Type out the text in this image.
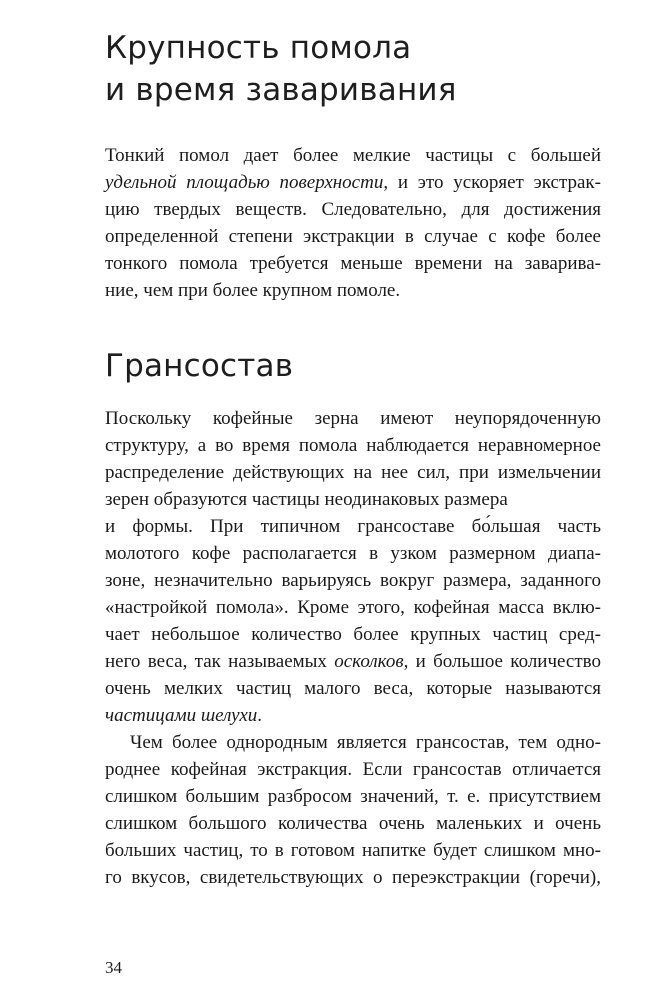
Крупность помола
и время заваривания

Тонкий помол дает более мелкие частицы с большей

удельной площадью поверхности, и это ускоряет экстрак-

цию твердых веществ. Следовательно, для достижения

определенной степени экстракции в случае с кофе более

тонкого помола требуется меньше времени на заварива-

ние, чем при более крупном помоле.

Грансостав

Поскольку кофейные зерна имеют неупорядоченную

структуру, а во время помола наблюдается неравномерное

распределение действующих на нее сил, при измельчении

зерен образуются частицы неодинаковых размера

и формы. При типичном грансоставе бо́льшая часть

молотого кофе располагается в узком размерном диапа-

зоне, незначительно варьируясь вокруг размера, заданного

«настройкой помола». Кроме этого, кофейная масса вклю-

чает небольшое количество более крупных частиц сред-

него веса, так называемых осколков, и большое количество

очень мелких частиц малого веса, которые называются

частицами шелухи.

Чем более однородным является грансостав, тем одно-

роднее кофейная экстракция. Если грансостав отличается

слишком большим разбросом значений, т. е. присутствием

слишком большого количества очень маленьких и очень

больших частиц, то в готовом напитке будет слишком мно-

го вкусов, свидетельствующих о переэкстракции (горечи),

34
